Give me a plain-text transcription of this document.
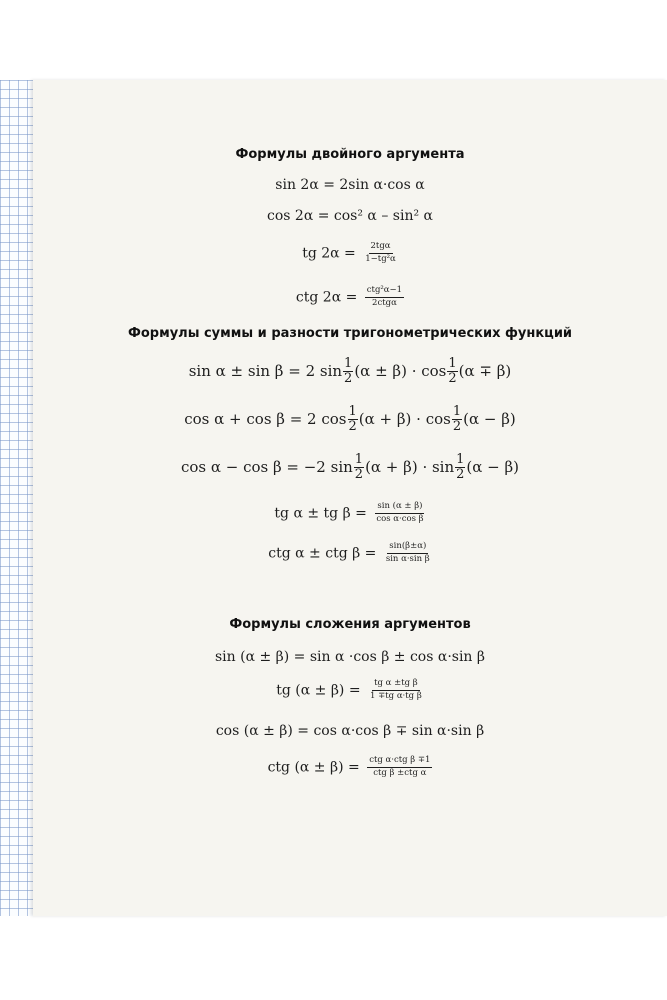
Формулы двойного аргумента
sin 2α = 2sin α·cos α
cos 2α = cos² α – sin² α
tg $2\alpha = \frac{\text{2tgα}}{\text{1−tg²α}}$
ctg $2\alpha = \frac{\text{ctg²α−1}}{\text{2ctgα}}$
Формулы суммы и разности тригонометрических функций
sin α ± sin β = 2 $\sin \frac{1}{2} (\alpha \pm \beta) \cdot \cos \frac{1}{2} (\alpha \mp \beta)$
cos α + cos β = 2 $\cos \frac{1}{2} (\alpha + \beta) \cdot \cos \frac{1}{2} (\alpha - \beta)$
cos α − cos β = −2 $\sin \frac{1}{2} (\alpha + \beta) \cdot \sin \frac{1}{2} (\alpha - \beta)$
tg α ± tg $\beta = \frac{\sin (\alpha \pm \beta)}{\text{cos α·cos β}}$
ctg α ± ctg $\beta = \frac{\sin(\beta\pm\alpha)}{\text{sin α·sin β}}$
Формулы сложения аргументов
sin (α ± β) = sin α ·cos β ± cos α·sin β
tg $(\alpha \pm \beta) = \frac{\text{tg α ±tg β}}{\text{1 ∓tg α·tg β}}$
cos (α ± β) = cos α·cos β ∓ sin α·sin β
ctg $(\alpha \pm \beta) = \frac{\text{ctg α·ctg β ∓1}}{\text{ctg β ±ctg α}}$
